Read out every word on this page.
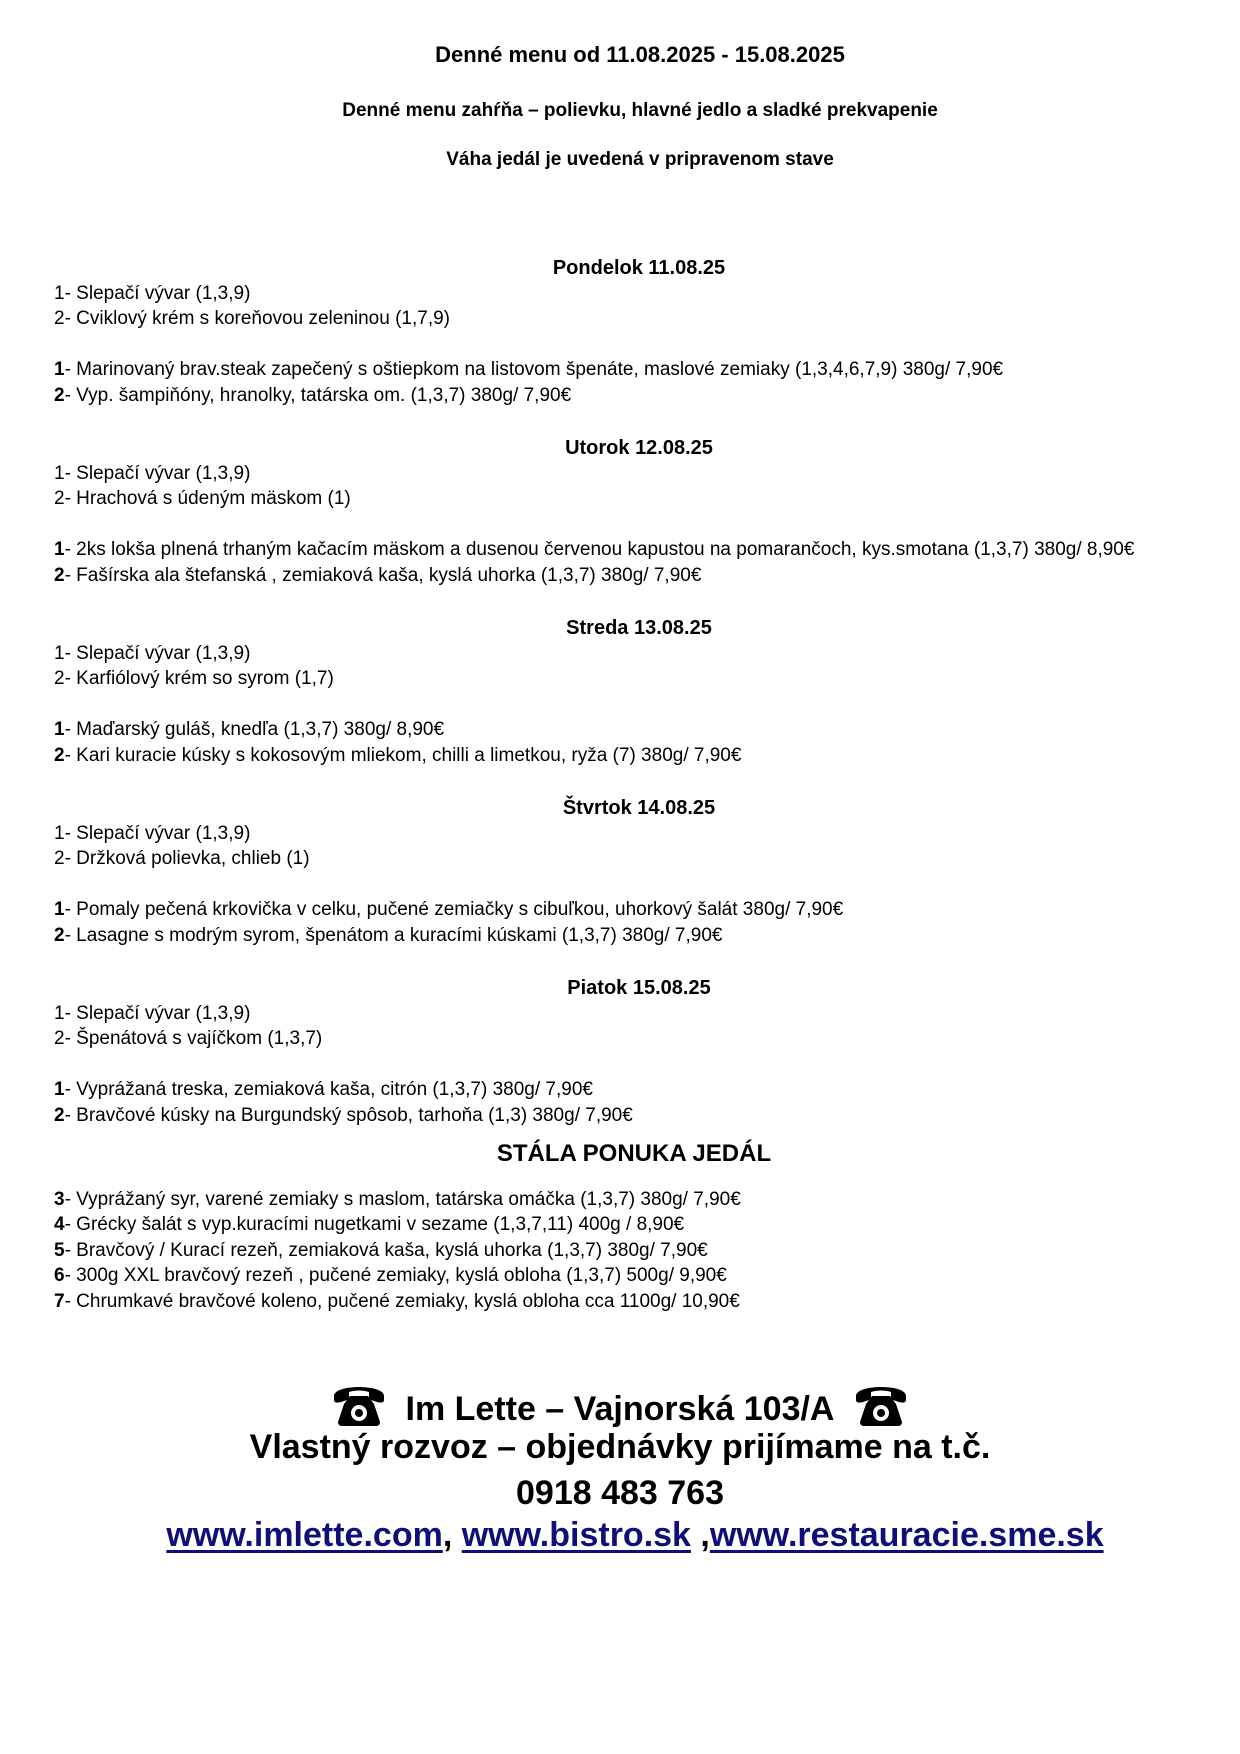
Denné menu od 11.08.2025 - 15.08.2025
Denné menu zahŕňa – polievku, hlavné jedlo a sladké prekvapenie
Váha jedál je uvedená v pripravenom stave
Pondelok 11.08.25
1- Slepačí vývar (1,3,9)
2- Cviklový krém s koreňovou zeleninou (1,7,9)
1- Marinovaný brav.steak zapečený s oštiepkom na listovom špenáte, maslové zemiaky (1,3,4,6,7,9) 380g/ 7,90€
2- Vyp. šampiňóny, hranolky, tatárska om. (1,3,7) 380g/ 7,90€
Utorok 12.08.25
1- Slepačí vývar (1,3,9)
2- Hrachová s údeným mäskom (1)
1- 2ks lokša plnená trhaným kačacím mäskom a dusenou červenou kapustou na pomarančoch, kys.smotana (1,3,7) 380g/ 8,90€
2- Fašírska ala štefanská , zemiaková kaša, kyslá uhorka (1,3,7) 380g/ 7,90€
Streda 13.08.25
1- Slepačí vývar (1,3,9)
2- Karfiólový krém so syrom (1,7)
1- Maďarský guláš, knedľa (1,3,7) 380g/ 8,90€
2- Kari kuracie kúsky s kokosovým mliekom, chilli a limetkou, ryža (7) 380g/ 7,90€
Štvrtok 14.08.25
1- Slepačí vývar (1,3,9)
2- Držková polievka, chlieb (1)
1- Pomaly pečená krkovička v celku, pučené zemiačky s cibuľkou, uhorkový šalát 380g/ 7,90€
2- Lasagne s modrým syrom, špenátom a kuracími kúskami (1,3,7) 380g/ 7,90€
Piatok 15.08.25
1- Slepačí vývar (1,3,9)
2- Špenátová s vajíčkom (1,3,7)
1- Vyprážaná treska, zemiaková kaša, citrón (1,3,7) 380g/ 7,90€
2- Bravčové kúsky na Burgundský spôsob, tarhoňa (1,3) 380g/ 7,90€
STÁLA PONUKA JEDÁL
3- Vyprážaný syr, varené zemiaky s maslom, tatárska omáčka (1,3,7) 380g/ 7,90€
4- Grécky šalát s vyp.kuracími nugetkami v sezame (1,3,7,11) 400g / 8,90€
5- Bravčový / Kurací rezeň, zemiaková kaša, kyslá uhorka (1,3,7) 380g/ 7,90€
6- 300g XXL bravčový rezeň , pučené zemiaky, kyslá obloha (1,3,7) 500g/ 9,90€
7- Chrumkavé bravčové koleno, pučené zemiaky, kyslá obloha cca 1100g/ 10,90€
Im Lette – Vajnorská 103/A
Vlastný rozvoz – objednávky prijímame na t.č.
0918 483 763
www.imlette.com, www.bistro.sk ,www.restauracie.sme.sk
